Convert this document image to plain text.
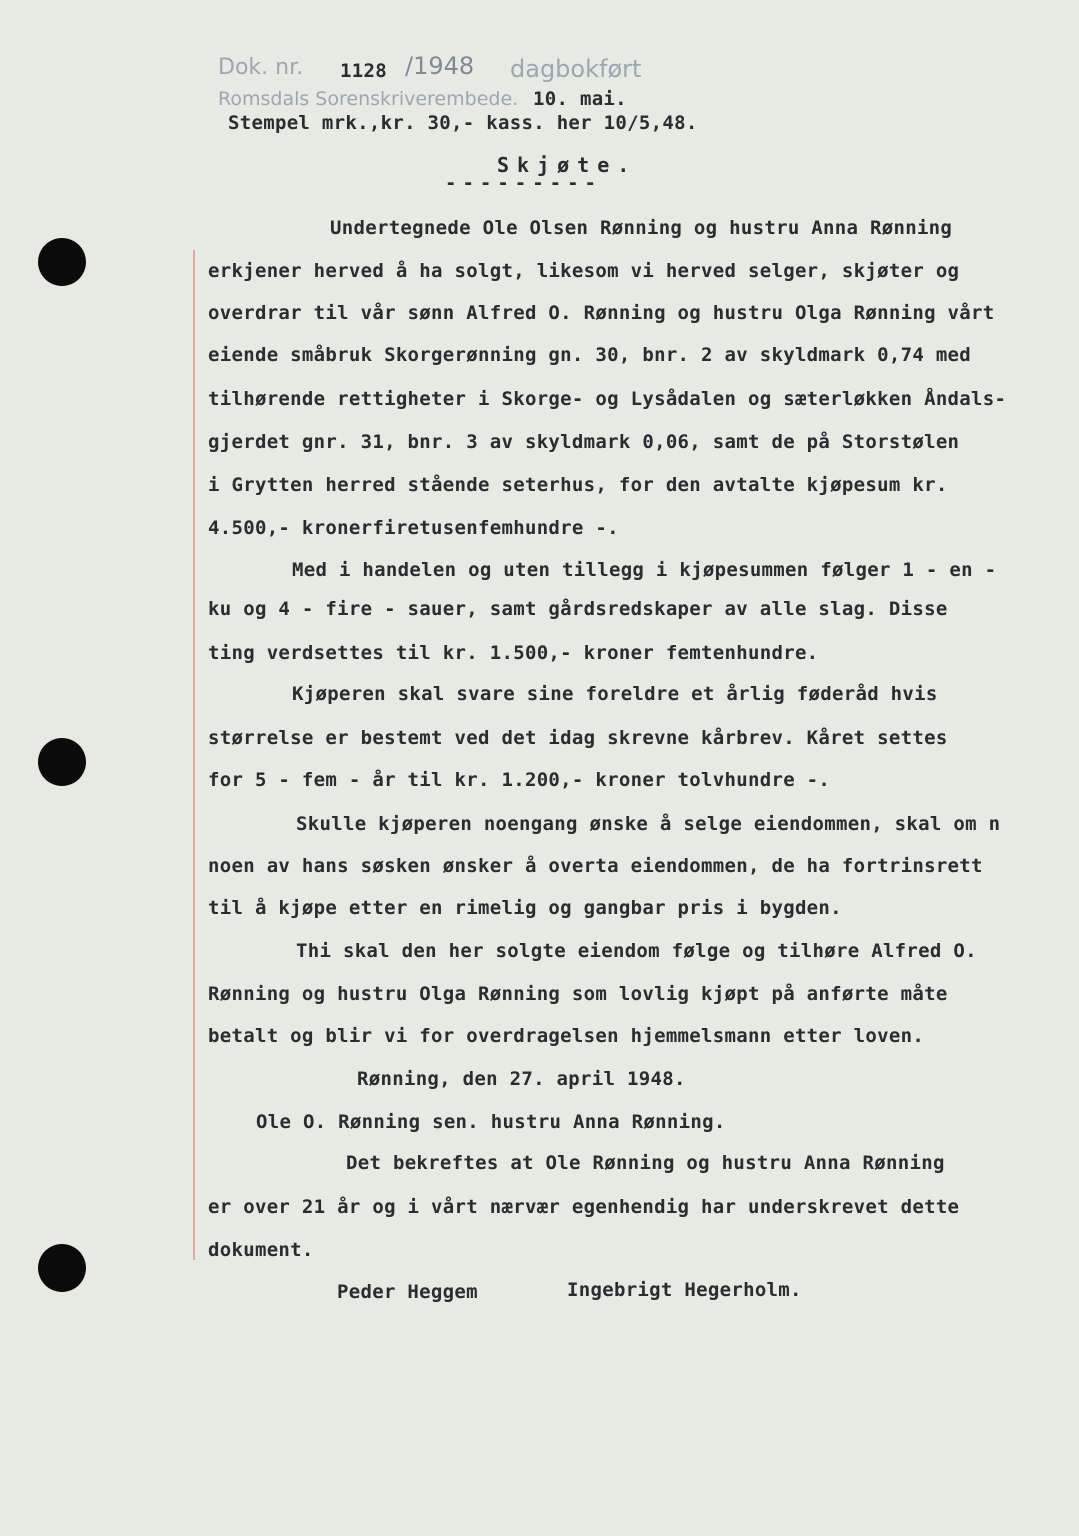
Dok. nr. 1128 /1948 dagbokført
Romsdals Sorenskriverembede. 10. mai.
Stempel mrk.,kr. 30,- kass. her 10/5,48.
Skjøte.
---------
Undertegnede Ole Olsen Rønning og hustru Anna Rønning
erkjener herved å ha solgt, likesom vi herved selger, skjøter og
overdrar til vår sønn Alfred O. Rønning og hustru Olga Rønning vårt
eiende småbruk Skorgerønning gn. 30, bnr. 2 av skyldmark 0,74 med
tilhørende rettigheter i Skorge- og Lysådalen og sæterløkken Åndals-
gjerdet gnr. 31, bnr. 3 av skyldmark 0,06, samt de på Storstølen
i Grytten herred stående seterhus, for den avtalte kjøpesum kr.
4.500,- kronerfiretusenfemhundre -.
Med i handelen og uten tillegg i kjøpesummen følger 1 - en -
ku og 4 - fire - sauer, samt gårdsredskaper av alle slag. Disse
ting verdsettes til kr. 1.500,- kroner femtenhundre.
Kjøperen skal svare sine foreldre et årlig føderåd hvis
størrelse er bestemt ved det idag skrevne kårbrev. Kåret settes
for 5 - fem - år til kr. 1.200,- kroner tolvhundre -.
Skulle kjøperen noengang ønske å selge eiendommen, skal om n
noen av hans søsken ønsker å overta eiendommen, de ha fortrinsrett
til å kjøpe etter en rimelig og gangbar pris i bygden.
Thi skal den her solgte eiendom følge og tilhøre Alfred O.
Rønning og hustru Olga Rønning som lovlig kjøpt på anførte måte
betalt og blir vi for overdragelsen hjemmelsmann etter loven.
Rønning, den 27. april 1948.
Ole O. Rønning sen. hustru Anna Rønning.
Det bekreftes at Ole Rønning og hustru Anna Rønning
er over 21 år og i vårt nærvær egenhendig har underskrevet dette
dokument.
Peder Heggem	Ingebrigt Hegerholm.
